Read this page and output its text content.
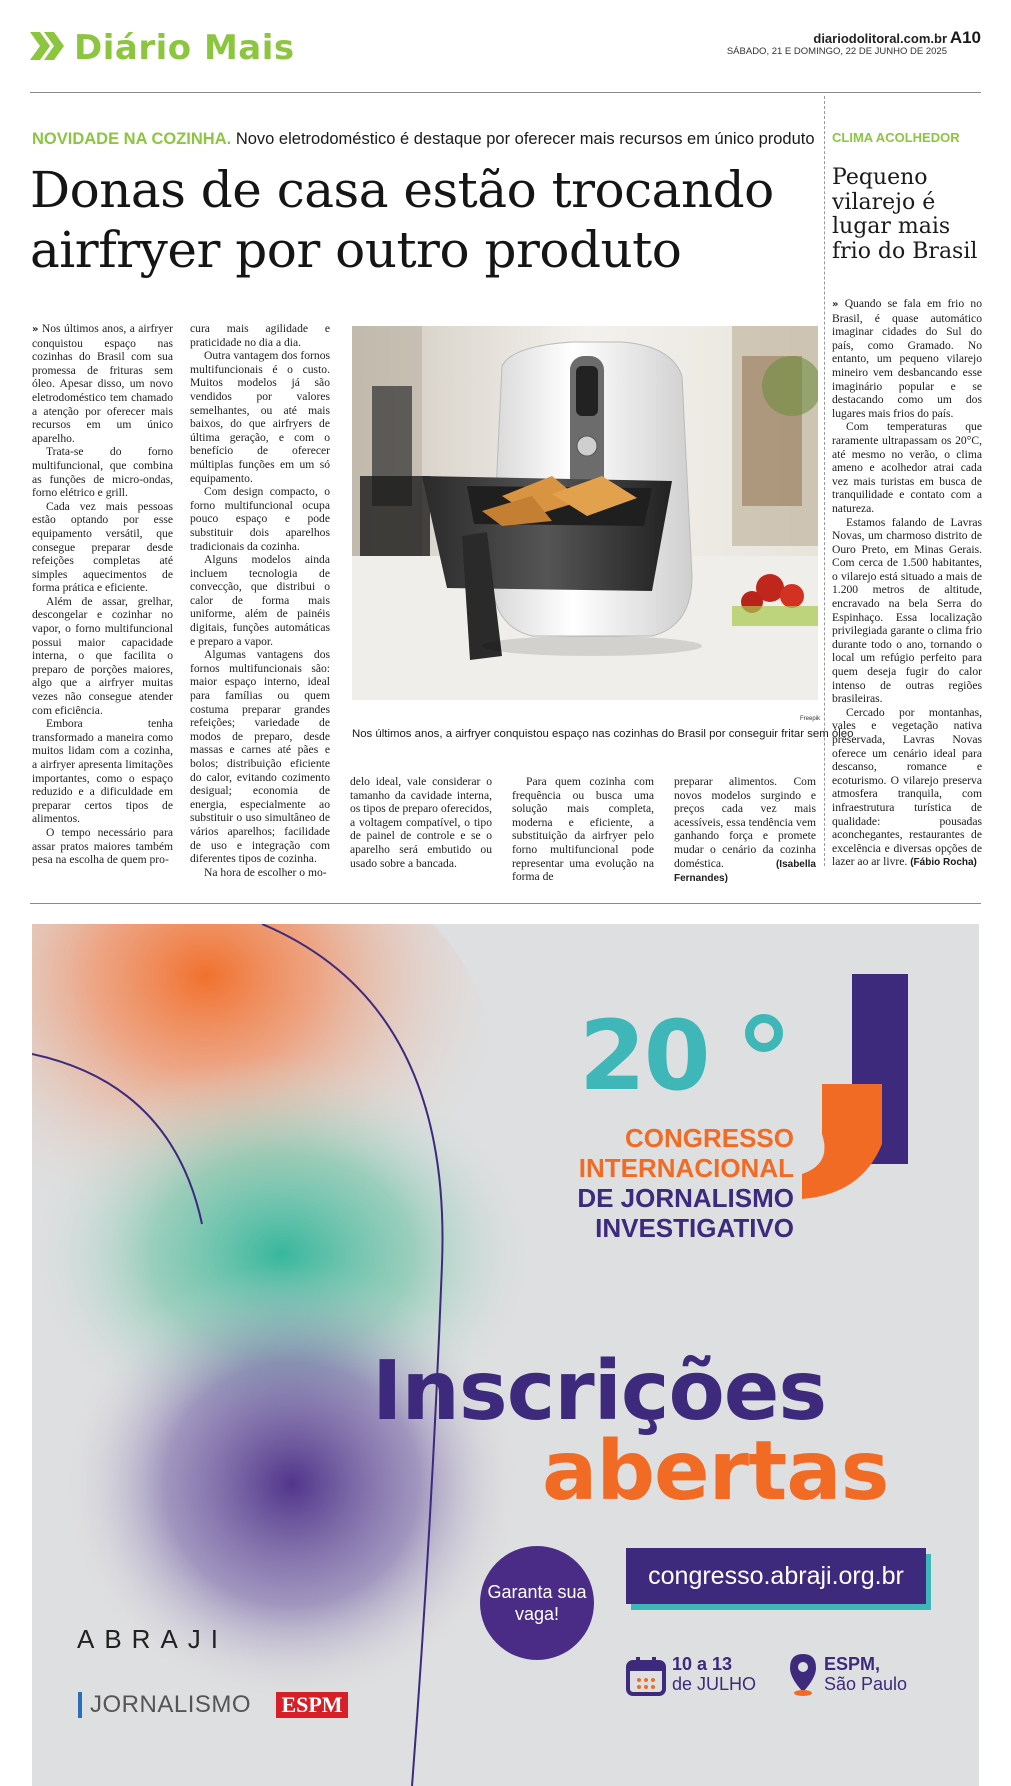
Diário Mais	diariodolitoral.com.br
SÁBADO, 21 E DOMINGO, 22 DE JUNHO DE 2025
A10
NOVIDADE NA COZINHA. Novo eletrodoméstico é destaque por oferecer mais recursos em único produto
Donas de casa estão trocando airfryer por outro produto

» Nos últimos anos, a airfryer conquistou espaço nas cozinhas do Brasil com sua promessa de frituras sem óleo. Apesar disso, um novo eletrodoméstico tem chamado a atenção por oferecer mais recursos em um único aparelho.

Trata-se do forno multifuncional, que combina as funções de micro-ondas, forno elétrico e grill.

Cada vez mais pessoas estão optando por esse equipamento versátil, que consegue preparar desde refeições completas até simples aquecimentos de forma prática e eficiente.

Além de assar, grelhar, descongelar e cozinhar no vapor, o forno multifuncional possui maior capacidade interna, o que facilita o preparo de porções maiores, algo que a airfryer muitas vezes não consegue atender com eficiência.

Embora tenha transformado a maneira como muitos lidam com a cozinha, a airfryer apresenta limitações importantes, como o espaço reduzido e a dificuldade em preparar certos tipos de alimentos.

O tempo necessário para assar pratos maiores também pesa na escolha de quem pro-

cura mais agilidade e praticidade no dia a dia.

Outra vantagem dos fornos multifuncionais é o custo. Muitos modelos já são vendidos por valores semelhantes, ou até mais baixos, do que airfryers de última geração, e com o benefício de oferecer múltiplas funções em um só equipamento.

Com design compacto, o forno multifuncional ocupa pouco espaço e pode substituir dois aparelhos tradicionais da cozinha.

Alguns modelos ainda incluem tecnologia de convecção, que distribui o calor de forma mais uniforme, além de painéis digitais, funções automáticas e preparo a vapor.

Algumas vantagens dos fornos multifuncionais são: maior espaço interno, ideal para famílias ou quem costuma preparar grandes refeições; variedade de modos de preparo, desde massas e carnes até pães e bolos; distribuição eficiente do calor, evitando cozimento desigual; economia de energia, especialmente ao substituir o uso simultâneo de vários aparelhos; facilidade de uso e integração com diferentes tipos de cozinha.

Na hora de escolher o mo-

Freepik
Nos últimos anos, a airfryer conquistou espaço nas cozinhas do Brasil por conseguir fritar sem óleo

delo ideal, vale considerar o tamanho da cavidade interna, os tipos de preparo oferecidos, a voltagem compatível, o tipo de painel de controle e se o aparelho será embutido ou usado sobre a bancada.

Para quem cozinha com frequência ou busca uma solução mais completa, moderna e eficiente, a substituição da airfryer pelo forno multifuncional pode representar uma evolução na forma de

preparar alimentos. Com novos modelos surgindo e preços cada vez mais acessíveis, essa tendência vem ganhando força e promete mudar o cenário da cozinha doméstica.	(Isabella Fernandes)

CLIMA ACOLHEDOR
Pequeno vilarejo é lugar mais frio do Brasil

» Quando se fala em frio no Brasil, é quase automático imaginar cidades do Sul do país, como Gramado. No entanto, um pequeno vilarejo mineiro vem desbancando esse imaginário popular e se destacando como um dos lugares mais frios do país.

Com temperaturas que raramente ultrapassam os 20°C, até mesmo no verão, o clima ameno e acolhedor atrai cada vez mais turistas em busca de tranquilidade e contato com a natureza.

Estamos falando de Lavras Novas, um charmoso distrito de Ouro Preto, em Minas Gerais. Com cerca de 1.500 habitantes, o vilarejo está situado a mais de 1.200 metros de altitude, encravado na bela Serra do Espinhaço. Essa localização privilegiada garante o clima frio durante todo o ano, tornando o local um refúgio perfeito para quem deseja fugir do calor intenso de outras regiões brasileiras.

Cercado por montanhas, vales e vegetação nativa preservada, Lavras Novas oferece um cenário ideal para descanso, romance e ecoturismo. O vilarejo preserva atmosfera tranquila, com infraestrutura turística de qualidade: pousadas aconchegantes, restaurantes de excelência e diversas opções de lazer ao ar livre. (Fábio Rocha)

20
CONGRESSO
INTERNACIONAL
DE JORNALISMO
INVESTIGATIVO
Inscrições
abertas
Garanta sua vaga!
congresso.abraji.org.br
10 a 13
de JULHO
ESPM,
São Paulo
ABRAJI
JORNALISMO ESPM
